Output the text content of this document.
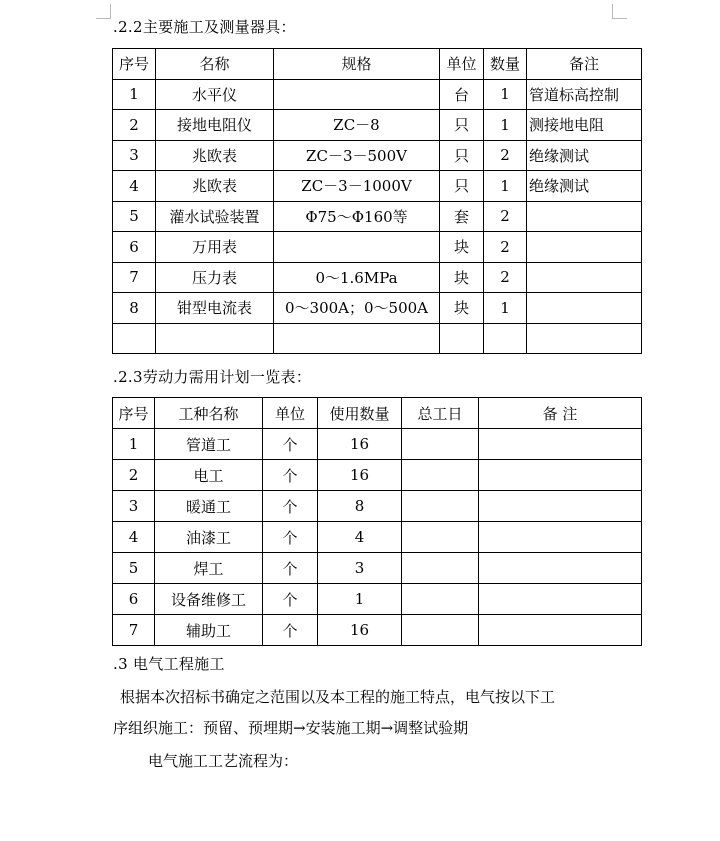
.2.2主要施工及测量器具：
序号	名称	规格	单位	数量	备注
1	水平仪		台	1	管道标高控制
2	接地电阻仪	ZC－8	只	1	测接地电阻
3	兆欧表	ZC－3－500V	只	2	绝缘测试
4	兆欧表	ZC－3－1000V	只	1	绝缘测试
5	灌水试验装置	Φ75～Φ160等	套	2	
6	万用表		块	2	
7	压力表	0～1.6MPa	块	2	
8	钳型电流表	0～300A；0～500A	块	1	

.2.3劳动力需用计划一览表：
序号	工种名称	单位	使用数量	总工日	备 注
1	管道工	个	16		
2	电工	个	16		
3	暖通工	个	8		
4	油漆工	个	4		
5	焊工	个	3		
6	设备维修工	个	1		
7	辅助工	个	16		
.3 电气工程施工
根据本次招标书确定之范围以及本工程的施工特点，电气按以下工
序组织施工：预留、预埋期→安装施工期→调整试验期
电气施工工艺流程为：
